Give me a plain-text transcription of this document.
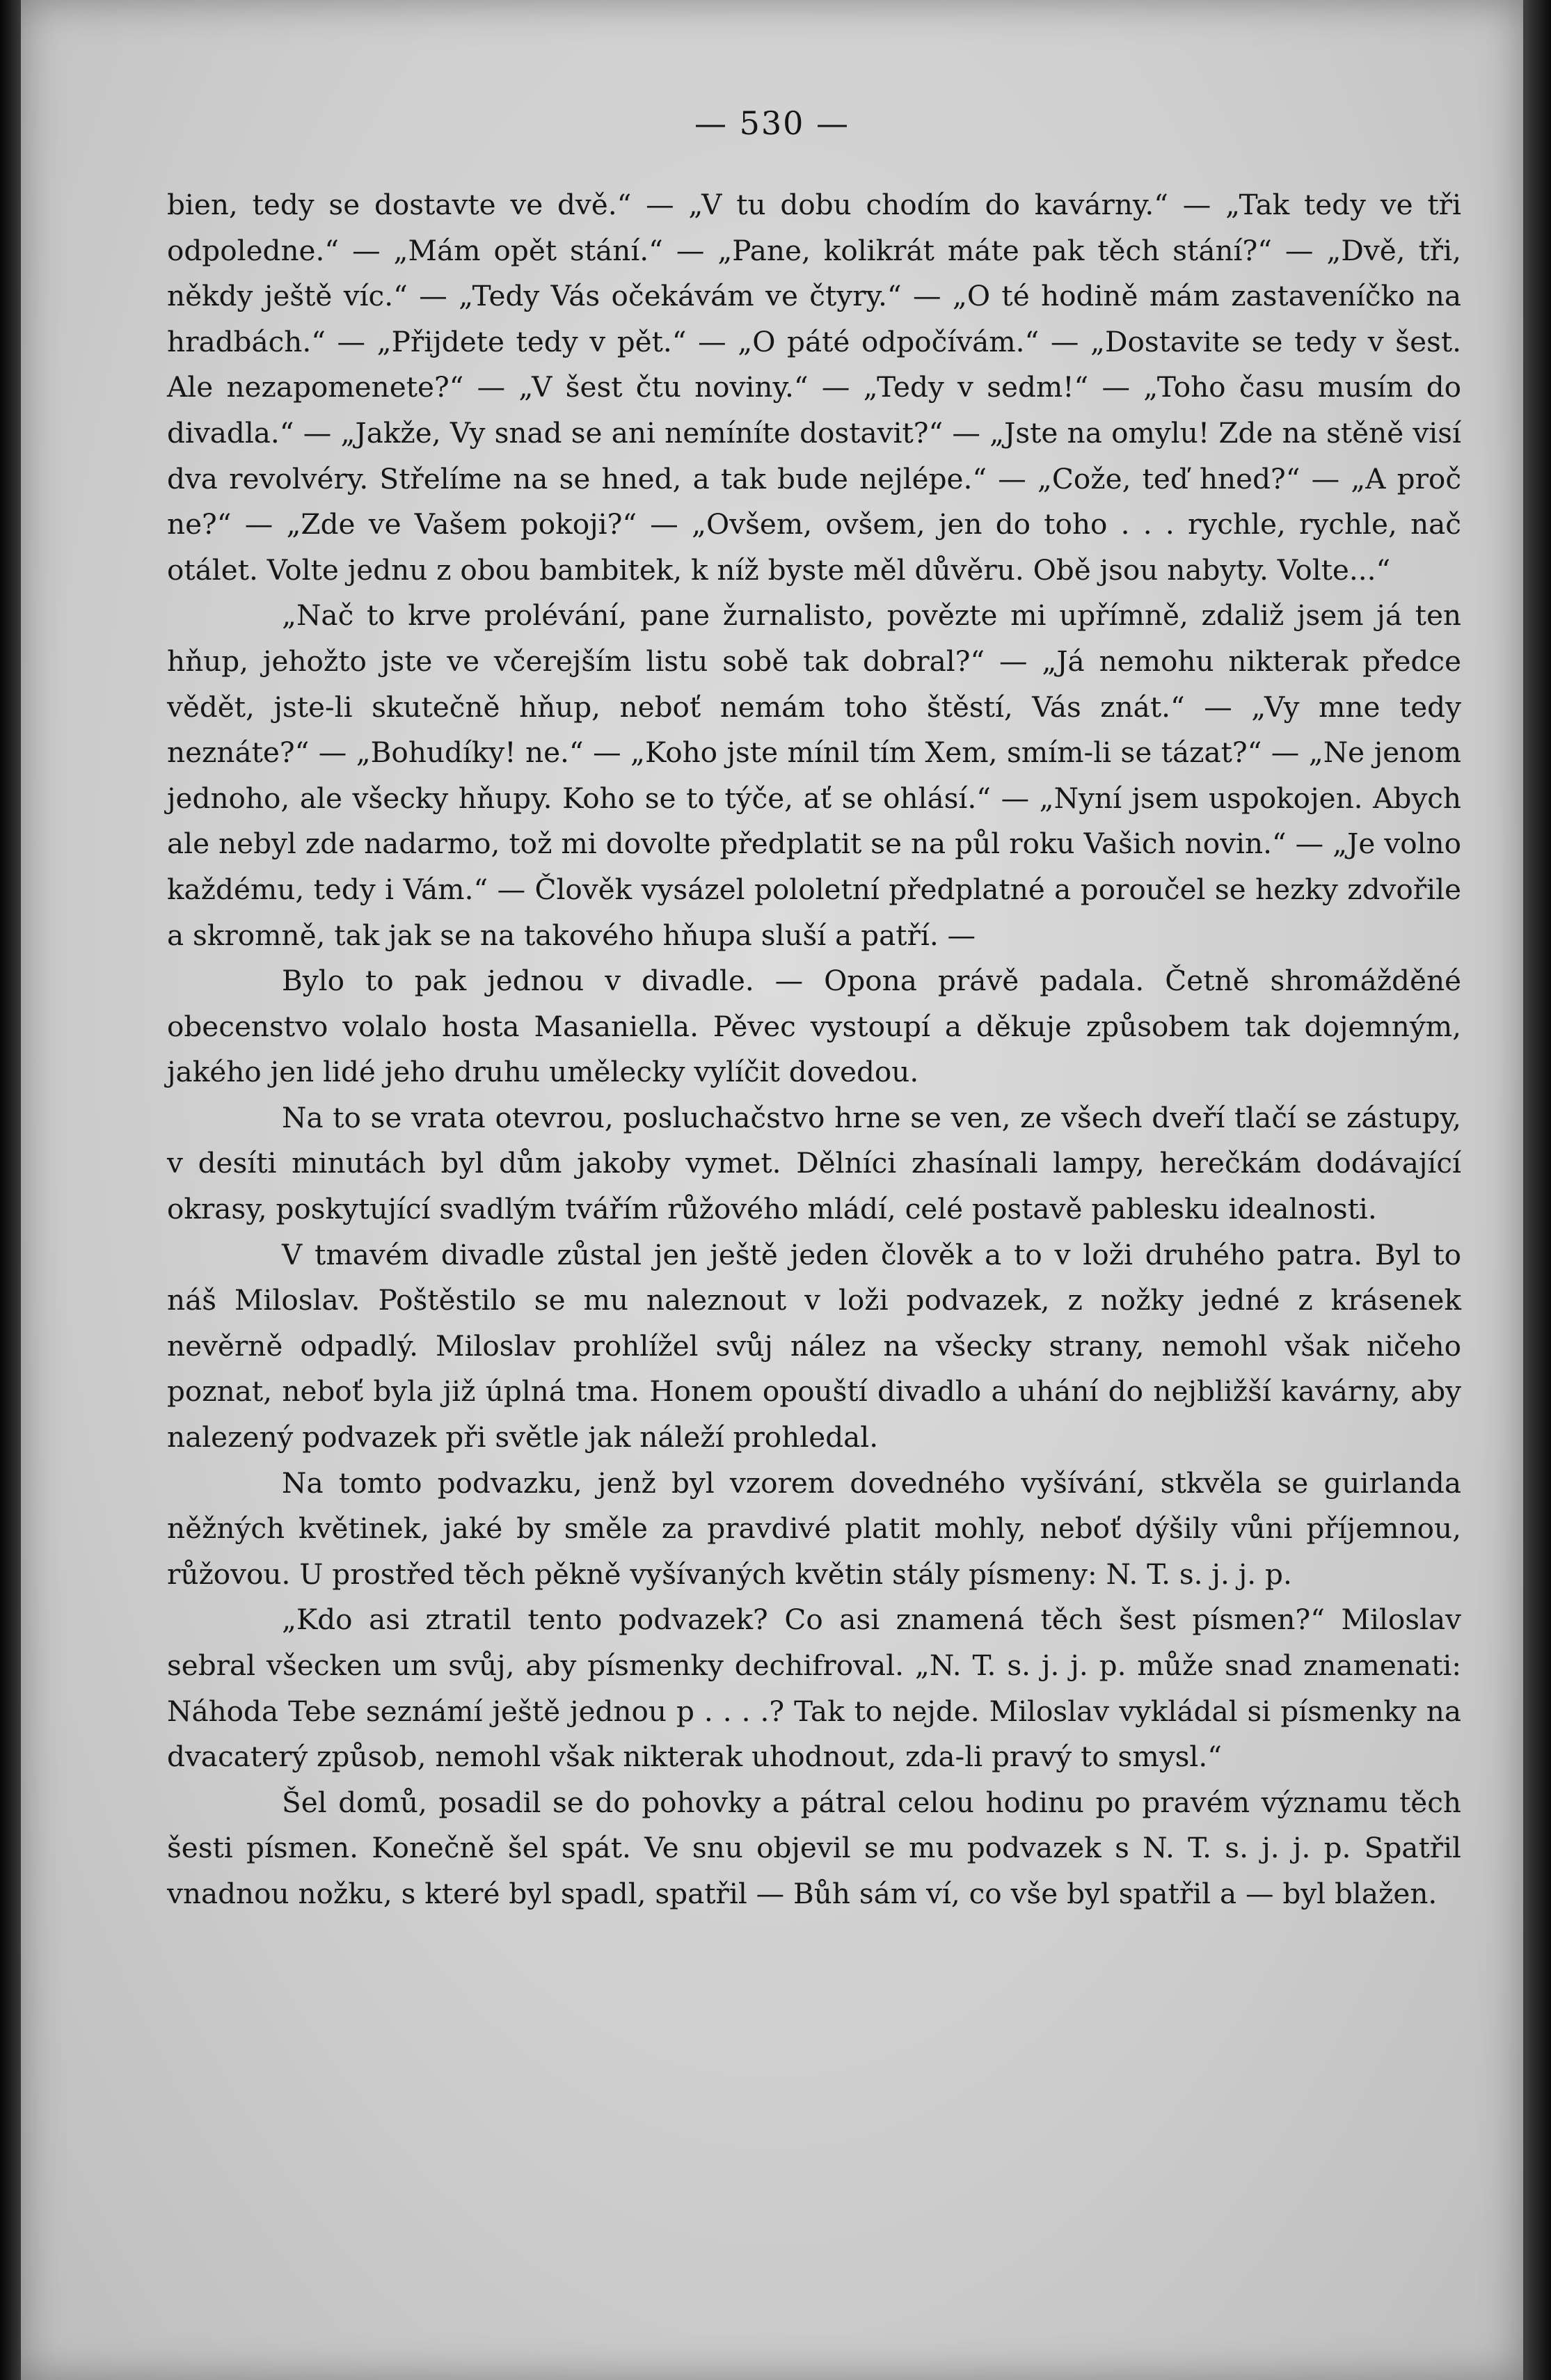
— 530 —

bien, tedy se dostavte ve dvě.“ — „V tu dobu chodím do kavárny.“ — „Tak tedy ve tři odpoledne.“ — „Mám opět stání.“ — „Pane, kolikrát máte pak těch stání?“ — „Dvě, tři, někdy ještě víc.“ — „Tedy Vás očekávám ve čtyry.“ — „O té hodině mám zastaveníčko na hradbách.“ — „Přijdete tedy v pět.“ — „O páté odpočívám.“ — „Dostavite se tedy v šest. Ale nezapomenete?“ — „V šest čtu noviny.“ — „Tedy v sedm!“ — „Toho času musím do divadla.“ — „Jakže, Vy snad se ani nemíníte dostavit?“ — „Jste na omylu! Zde na stěně visí dva revolvéry. Střelíme na se hned, a tak bude nejlépe.“ — „Cože, teď hned?“ — „A proč ne?“ — „Zde ve Vašem pokoji?“ — „Ovšem, ovšem, jen do toho . . . rychle, rychle, nač otálet. Volte jednu z obou bambitek, k níž byste měl důvěru. Obě jsou nabyty. Volte...“

„Nač to krve prolévání, pane žurnalisto, povězte mi upřímně, zdaliž jsem já ten hňup, jehožto jste ve včerejším listu sobě tak dobral?“ — „Já nemohu nikterak předce vědět, jste-li skutečně hňup, neboť nemám toho štěstí, Vás znát.“ — „Vy mne tedy neznáte?“ — „Bohudíky! ne.“ — „Koho jste mínil tím Xem, smím-li se tázat?“ — „Ne jenom jednoho, ale všecky hňupy. Koho se to týče, ať se ohlásí.“ — „Nyní jsem uspokojen. Abych ale nebyl zde nadarmo, tož mi dovolte předplatit se na půl roku Vašich novin.“ — „Je volno každému, tedy i Vám.“ — Člověk vysázel pololetní předplatné a poroučel se hezky zdvořile a skromně, tak jak se na takového hňupa sluší a patří. —

Bylo to pak jednou v divadle. — Opona právě padala. Četně shromážděné obecenstvo volalo hosta Masaniella. Pěvec vystoupí a děkuje způsobem tak dojemným, jakého jen lidé jeho druhu umělecky vylíčit dovedou.

Na to se vrata otevrou, posluchačstvo hrne se ven, ze všech dveří tlačí se zástupy, v desíti minutách byl dům jakoby vymet. Dělníci zhasínali lampy, herečkám dodávající okrasy, poskytující svadlým tvářím růžového mládí, celé postavě pablesku idealnosti.

V tmavém divadle zůstal jen ještě jeden člověk a to v loži druhého patra. Byl to náš Miloslav. Poštěstilo se mu naleznout v loži podvazek, z nožky jedné z krásenek nevěrně odpadlý. Miloslav prohlížel svůj nález na všecky strany, nemohl však ničeho poznat, neboť byla již úplná tma. Honem opouští divadlo a uhání do nejbližší kavárny, aby nalezený podvazek při světle jak náleží prohledal.

Na tomto podvazku, jenž byl vzorem dovedného vyšívání, stkvěla se guirlanda něžných květinek, jaké by směle za pravdivé platit mohly, neboť dýšily vůni příjemnou, růžovou. U prostřed těch pěkně vyšívaných květin stály písmeny: N. T. s. j. j. p.

„Kdo asi ztratil tento podvazek? Co asi znamená těch šest písmen?“ Miloslav sebral všecken um svůj, aby písmenky dechifroval. „N. T. s. j. j. p. může snad znamenati: Náhoda Tebe seznámí ještě jednou p . . . .? Tak to nejde. Miloslav vykládal si písmenky na dvacaterý způsob, nemohl však nikterak uhodnout, zda-li pravý to smysl.“

Šel domů, posadil se do pohovky a pátral celou hodinu po pravém významu těch šesti písmen. Konečně šel spát. Ve snu objevil se mu podvazek s N. T. s. j. j. p. Spatřil vnadnou nožku, s které byl spadl, spatřil — Bůh sám ví, co vše byl spatřil a — byl blažen.
